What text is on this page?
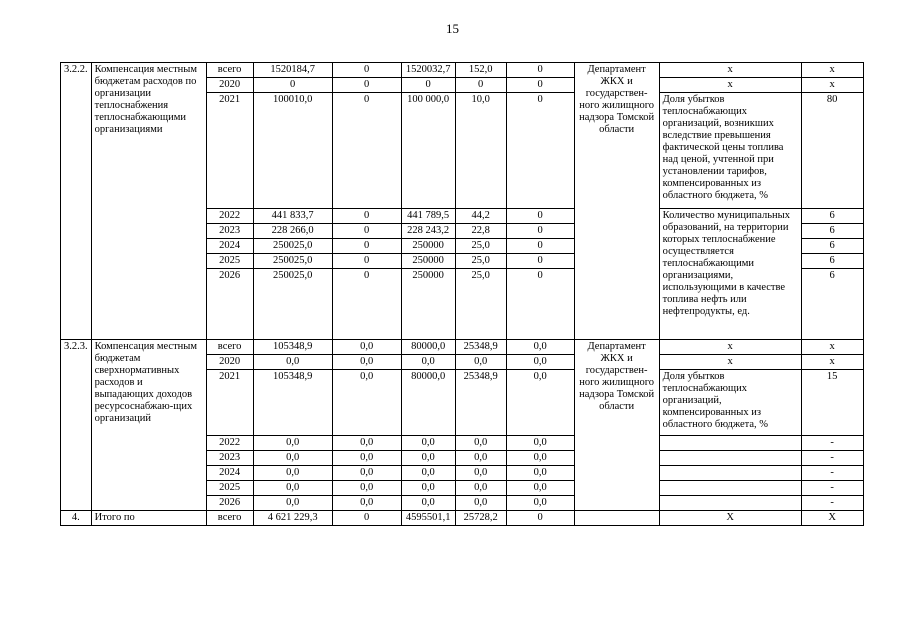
15
3.2.2.	Компенсация местным бюджетам расходов по организации теплоснабжения теплоснабжающими организациями	всего	1520184,7	0	1520032,7	152,0	0	Департамент ЖКХ и государствен-ного жилищного надзора Томской области	х	х
		2020	0	0	0	0	0		х	х
		2021	100010,0	0	100 000,0	10,0	0		Доля убытков теплоснабжающих организаций, возникших вследствие превышения фактической цены топлива над ценой, учтенной при установлении тарифов, компенсированных из областного бюджета, %	80
		2022	441 833,7	0	441 789,5	44,2	0		Количество муниципальных образований, на территории которых теплоснабжение осуществляется теплоснабжающими организациями, использующими в качестве топлива нефть или нефтепродукты, ед.	6
		2023	228 266,0	0	228 243,2	22,8	0			6
		2024	250025,0	0	250000	25,0	0			6
		2025	250025,0	0	250000	25,0	0			6
		2026	250025,0	0	250000	25,0	0			6
3.2.3.	Компенсация местным бюджетам сверхнормативных расходов и выпадающих доходов ресурсоснабжаю-щих организаций	всего	105348,9	0,0	80000,0	25348,9	0,0	Департамент ЖКХ и государствен-ного жилищного надзора Томской области	х	х
		2020	0,0	0,0	0,0	0,0	0,0		х	х
		2021	105348,9	0,0	80000,0	25348,9	0,0		Доля убытков теплоснабжающих организаций, компенсированных из областного бюджета, %	15
		2022	0,0	0,0	0,0	0,0	0,0			-
		2023	0,0	0,0	0,0	0,0	0,0			-
		2024	0,0	0,0	0,0	0,0	0,0			-
		2025	0,0	0,0	0,0	0,0	0,0			-
		2026	0,0	0,0	0,0	0,0	0,0			-
4.	Итого по	всего	4 621 229,3	0	4595501,1	25728,2	0		Х	Х
